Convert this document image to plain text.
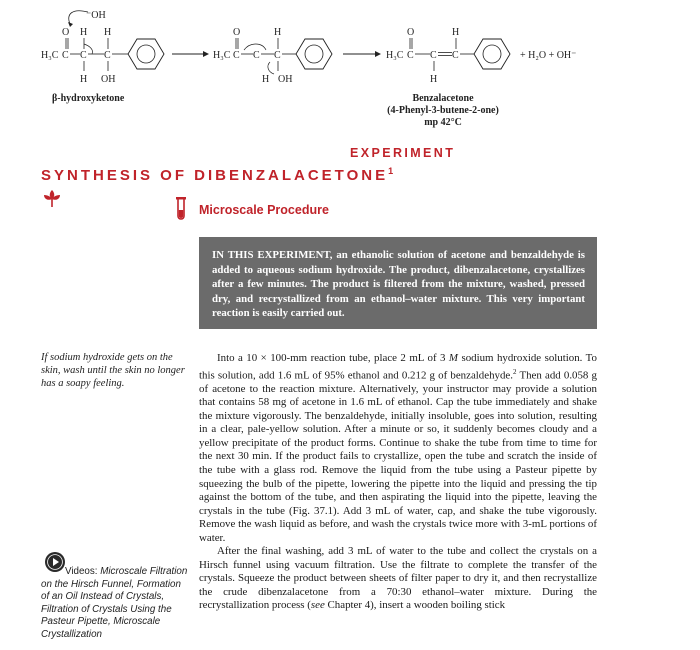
⁻OH
O H H
H₃C C C C
H OH
O	H
H₃C C C C
H OH
O	H
H₃C C C C
H
+ H₂O + OH⁻
β-hydroxyketone	Benzalacetone
(4-Phenyl-3-butene-2-one)
mp 42°C
EXPERIMENT
SYNTHESIS OF DIBENZALACETONE$^1$
Microscale Procedure
IN THIS EXPERIMENT, an ethanolic solution of acetone and benzaldehyde is added to aqueous sodium hydroxide. The product, dibenzalacetone, crystallizes after a few minutes. The product is filtered from the mixture, washed, pressed dry, and recrystallized from an ethanol–water mixture. This very important reaction is easily carried out.
If sodium hydroxide gets on the skin, wash until the skin no longer has a soapy feeling.
Videos: Microscale Filtration on the Hirsch Funnel, Formation of an Oil Instead of Crystals, Filtration of Crystals Using the Pasteur Pipette, Microscale Crystallization

Into a 10 × 100-mm reaction tube, place 2 mL of 3 M sodium hydroxide solution. To this solution, add 1.6 mL of 95% ethanol and 0.212 g of benzaldehyde.$^2$ Then add 0.058 g of acetone to the reaction mixture. Alternatively, your instructor may provide a solution that contains 58 mg of acetone in 1.6 mL of ethanol. Cap the tube immediately and shake the mixture vigorously. The benzaldehyde, initially insoluble, goes into solution, resulting in a clear, pale-yellow solution. After a minute or so, it suddenly becomes cloudy and a yellow precipitate of the product forms. Continue to shake the tube from time to time for the next 30 min. If the product fails to crystallize, open the tube and scratch the inside of the tube with a glass rod. Remove the liquid from the tube using a Pasteur pipette by squeezing the bulb of the pipette, lowering the pipette into the liquid and pressing the tip against the bottom of the tube, and then aspirating the liquid into the pipette, leaving the crystals in the tube (Fig. 37.1). Add 3 mL of water, cap, and shake the tube vigorously. Remove the wash liquid as before, and wash the crystals twice more with 3-mL portions of water.

After the final washing, add 3 mL of water to the tube and collect the crystals on a Hirsch funnel using vacuum filtration. Use the filtrate to complete the transfer of the crystals. Squeeze the product between sheets of filter paper to dry it, and then recrystallize the crude dibenzalacetone from a 70:30 ethanol–water mixture. During the recrystallization process (see Chapter 4), insert a wooden boiling stick
